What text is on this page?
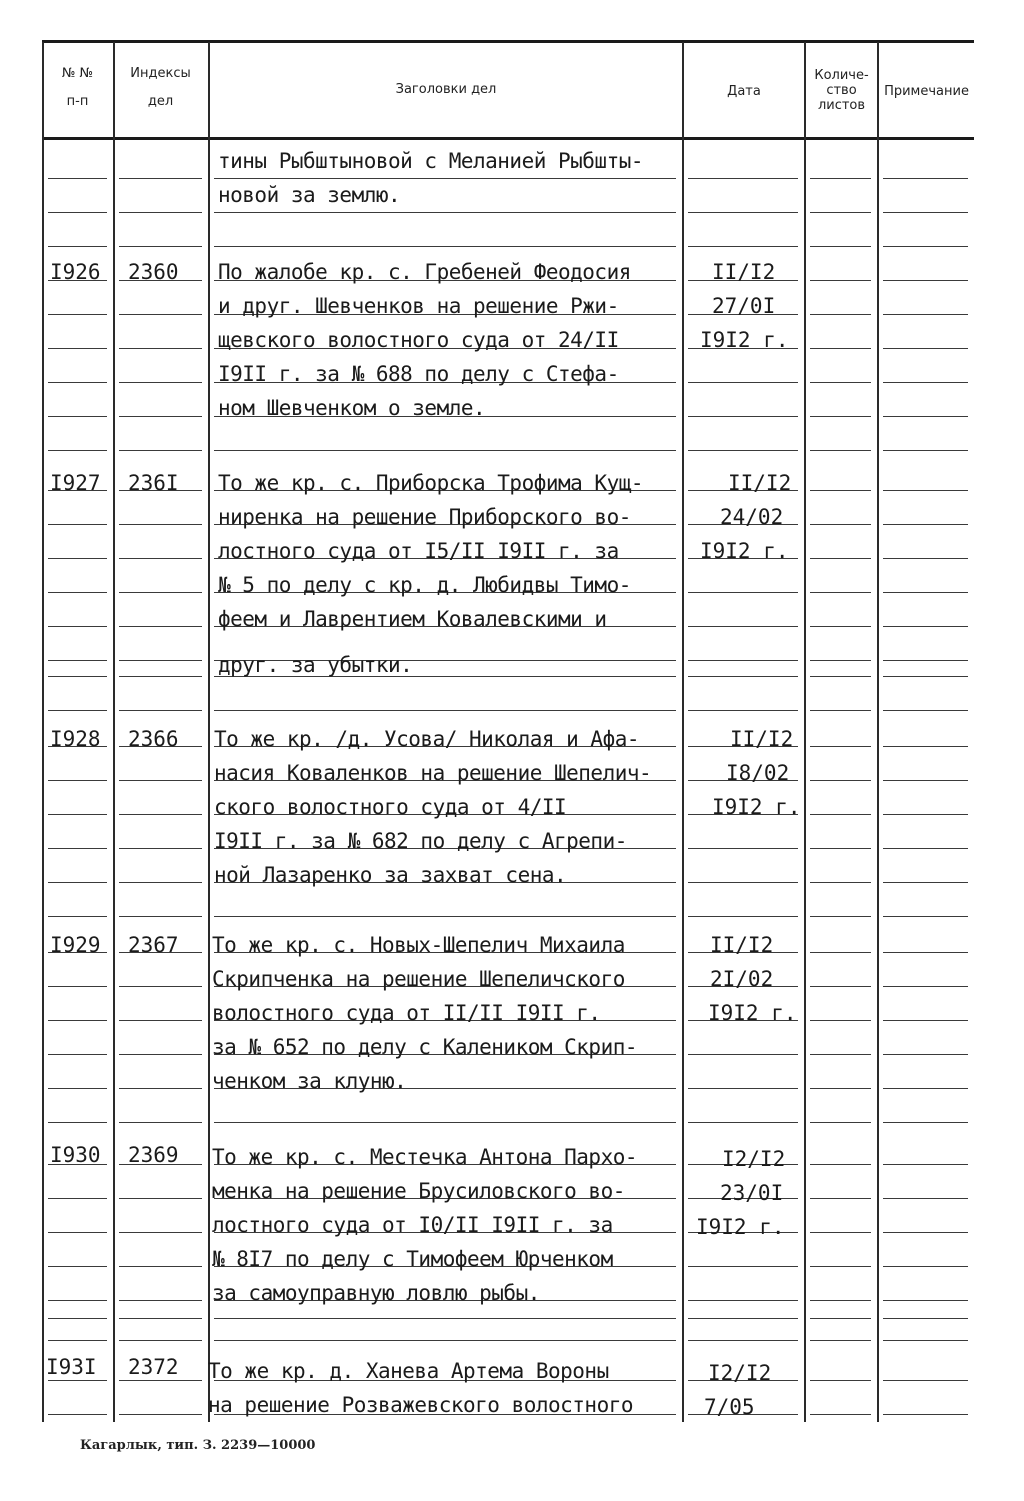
№ №
п-п
Индексы
дел
Заголовки дел	Дата
Количе-
ство
листов
Примечание
тины Рыбштыновой с Меланией Рыбшты-
новой за землю.
I926 2360 По жалобе кр. с. Гребеней Феодосия
и друг. Шевченков на решение Ржи-
щевского волостного суда от 24/II
I9II г. за № 688 по делу с Стефа-
ном Шевченком о земле.
II/I2
27/0I
I9I2 г.
I927 236I То же кр. с. Приборска Трофима Кущ-
ниренка на решение Приборского во-
лостного суда от I5/II I9II г. за
№ 5 по делу с кр. д. Любидвы Тимо-
феем и Лаврентием Ковалевскими и
друг. за убытки.
II/I2
24/02
I9I2 г.
I928 2366 То же кр. /д. Усова/ Николая и Афа-
насия Коваленков на решение Шепелич-
ского волостного суда от 4/II
I9II г. за № 682 по делу с Агрепи-
ной Лазаренко за захват сена.
II/I2
I8/02
I9I2 г.
I929 2367 То же кр. с. Новых-Шепелич Михаила
Скрипченка на решение Шепеличского
волостного суда от II/II I9II г.
за № 652 по делу с Калеником Скрип-
ченком за клуню.
II/I2
2I/02
I9I2 г.
I930 2369 То же кр. с. Местечка Антона Пархо-
менка на решение Брусиловского во-
лостного суда от I0/II I9II г. за
№ 8I7 по делу с Тимофеем Юрченком
за самоуправную ловлю рыбы.
I2/I2
23/0I
I9I2 г.
I93I 2372 То же кр. д. Ханева Артема Вороны
на решение Розважевского волостного
I2/I2
7/05
Кагарлык, тип. З. 2239—10000
